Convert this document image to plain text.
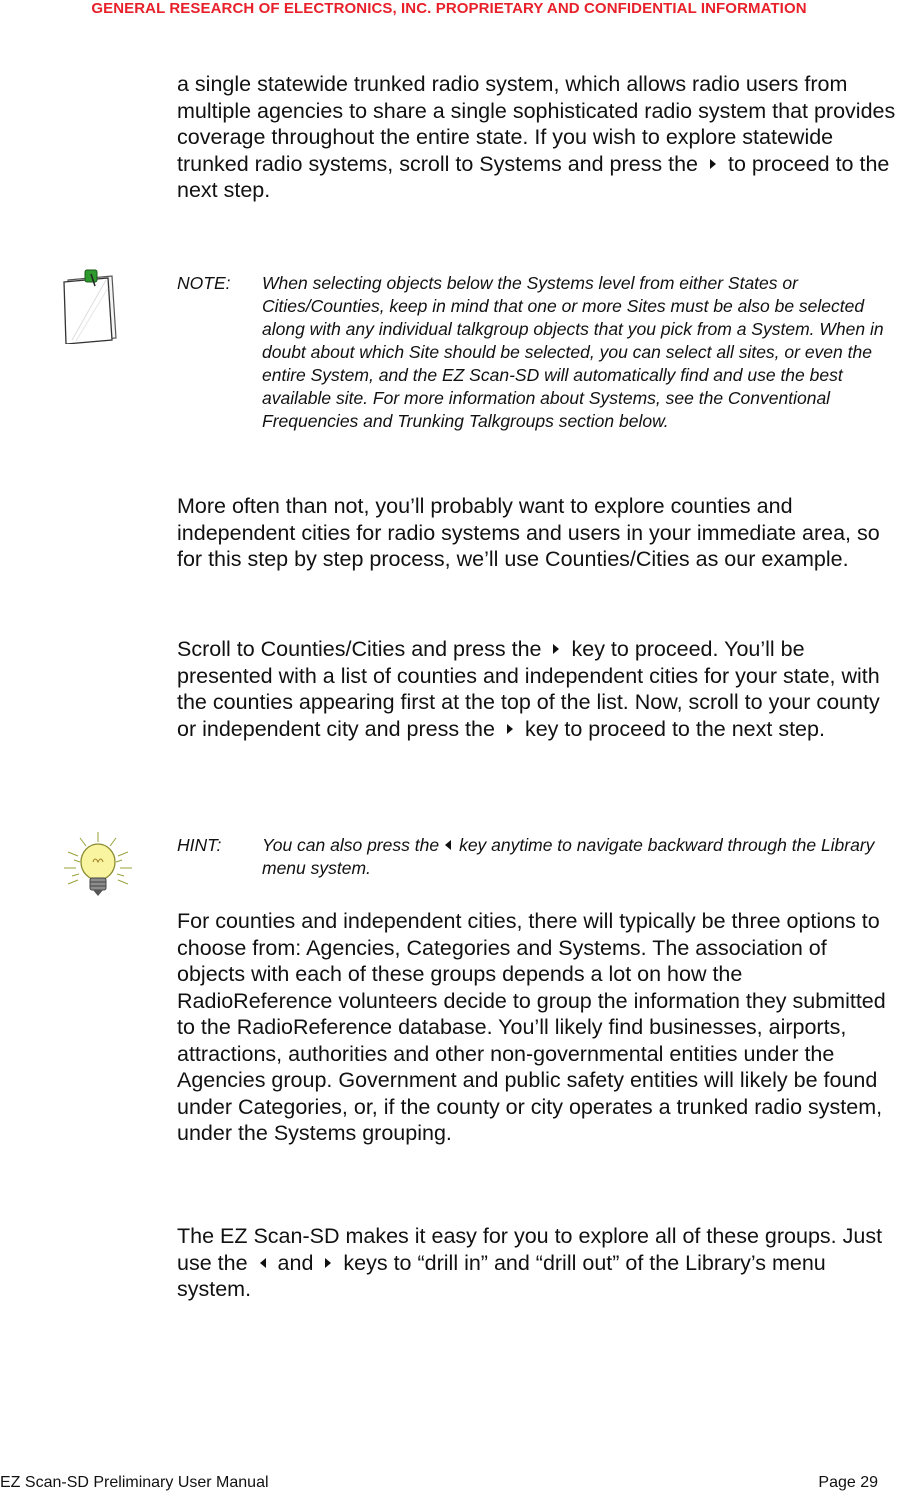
GENERAL RESEARCH OF ELECTRONICS, INC. PROPRIETARY AND CONFIDENTIAL INFORMATION

a single statewide trunked radio system, which allows radio users from multiple agencies to share a single sophisticated radio system that provides coverage throughout the entire state. If you wish to explore statewide trunked radio systems, scroll to Systems and press the to proceed to the next step.

NOTE: When selecting objects below the Systems level from either States or Cities/Counties, keep in mind that one or more Sites must be also be selected along with any individual talkgroup objects that you pick from a System. When in doubt about which Site should be selected, you can select all sites, or even the entire System, and the EZ Scan-SD will automatically find and use the best available site. For more information about Systems, see the Conventional Frequencies and Trunking Talkgroups section below.

More often than not, you’ll probably want to explore counties and independent cities for radio systems and users in your immediate area, so for this step by step process, we’ll use Counties/Cities as our example.

Scroll to Counties/Cities and press the key to proceed. You’ll be presented with a list of counties and independent cities for your state, with the counties appearing first at the top of the list. Now, scroll to your county or independent city and press the key to proceed to the next step.

HINT: You can also press the key anytime to navigate backward through the Library menu system.

For counties and independent cities, there will typically be three options to choose from: Agencies, Categories and Systems. The association of objects with each of these groups depends a lot on how the RadioReference volunteers decide to group the information they submitted to the RadioReference database. You’ll likely find businesses, airports, attractions, authorities and other non-governmental entities under the Agencies group. Government and public safety entities will likely be found under Categories, or, if the county or city operates a trunked radio system, under the Systems grouping.

The EZ Scan-SD makes it easy for you to explore all of these groups. Just use the and keys to “drill in” and “drill out” of the Library’s menu system.

EZ Scan-SD Preliminary User Manual	Page 29
